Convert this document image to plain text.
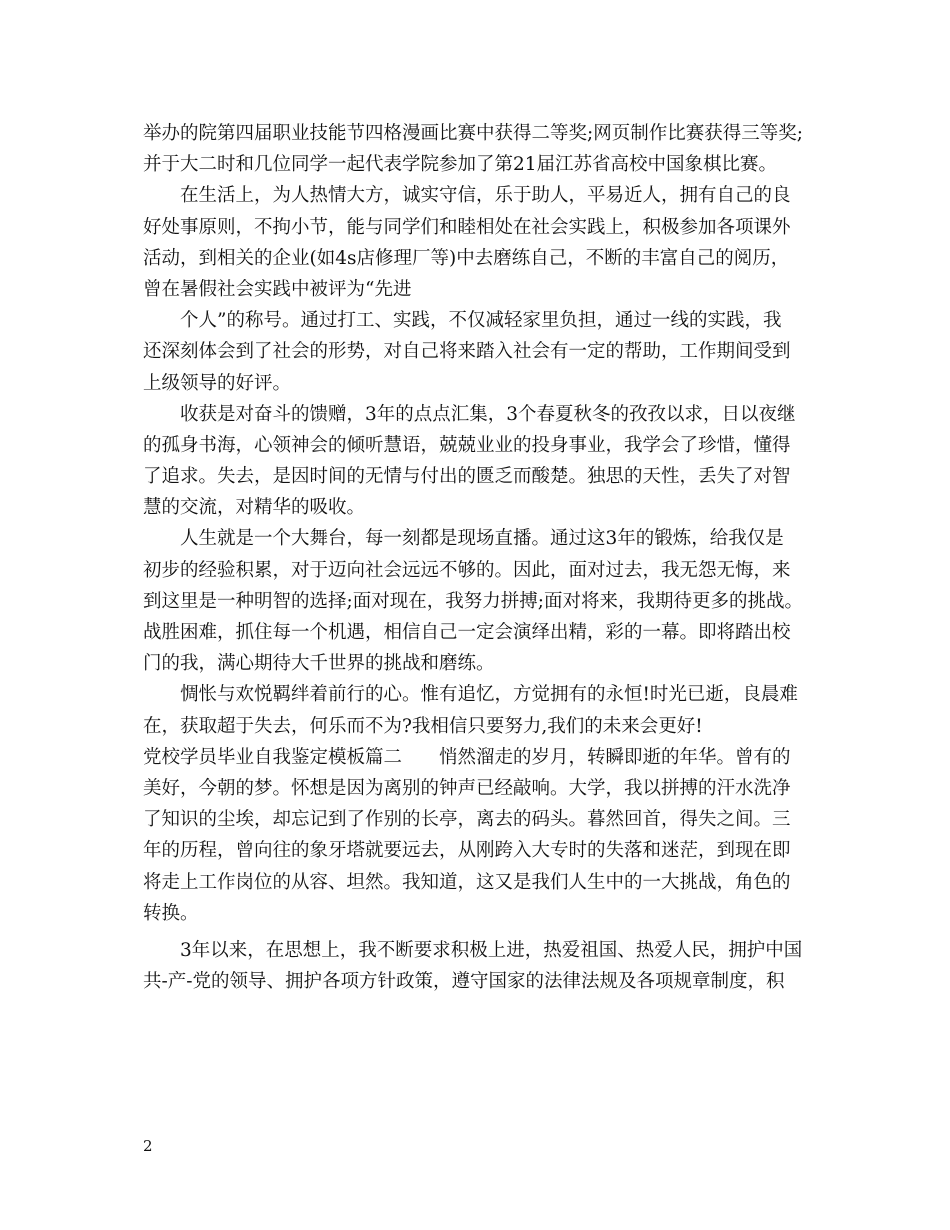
举办的院第四届职业技能节四格漫画比赛中获得二等奖;网页制作比赛获得三等奖;
并于大二时和几位同学一起代表学院参加了第21届江苏省高校中国象棋比赛。
　　在生活上，为人热情大方，诚实守信，乐于助人，平易近人，拥有自己的良
好处事原则，不拘小节，能与同学们和睦相处在社会实践上，积极参加各项课外
活动，到相关的企业(如4s店修理厂等)中去磨练自己，不断的丰富自己的阅历，
曾在暑假社会实践中被评为“先进
　　个人”的称号。通过打工、实践，不仅减轻家里负担，通过一线的实践，我
还深刻体会到了社会的形势，对自己将来踏入社会有一定的帮助，工作期间受到
上级领导的好评。
　　收获是对奋斗的馈赠，3年的点点汇集，3个春夏秋冬的孜孜以求，日以夜继
的孤身书海，心领神会的倾听慧语，兢兢业业的投身事业，我学会了珍惜，懂得
了追求。失去，是因时间的无情与付出的匮乏而酸楚。独思的天性，丢失了对智
慧的交流，对精华的吸收。
　　人生就是一个大舞台，每一刻都是现场直播。通过这3年的锻炼，给我仅是
初步的经验积累，对于迈向社会远远不够的。因此，面对过去，我无怨无悔，来
到这里是一种明智的选择;面对现在，我努力拼搏;面对将来，我期待更多的挑战。
战胜困难，抓住每一个机遇，相信自己一定会演绎出精，彩的一幕。即将踏出校
门的我，满心期待大千世界的挑战和磨练。
　　惆怅与欢悦羁绊着前行的心。惟有追忆，方觉拥有的永恒!时光已逝，良晨难
在，获取超于失去，何乐而不为?我相信只要努力,我们的未来会更好!
党校学员毕业自我鉴定模板篇二　　悄然溜走的岁月，转瞬即逝的年华。曾有的
美好，今朝的梦。怀想是因为离别的钟声已经敲响。大学，我以拼搏的汗水洗净
了知识的尘埃，却忘记到了作别的长亭，离去的码头。暮然回首，得失之间。三
年的历程，曾向往的象牙塔就要远去，从刚跨入大专时的失落和迷茫，到现在即
将走上工作岗位的从容、坦然。我知道，这又是我们人生中的一大挑战，角色的
转换。
　　3年以来，在思想上，我不断要求积极上进，热爱祖国、热爱人民，拥护中国
共-产-党的领导、拥护各项方针政策，遵守国家的法律法规及各项规章制度，积
2
